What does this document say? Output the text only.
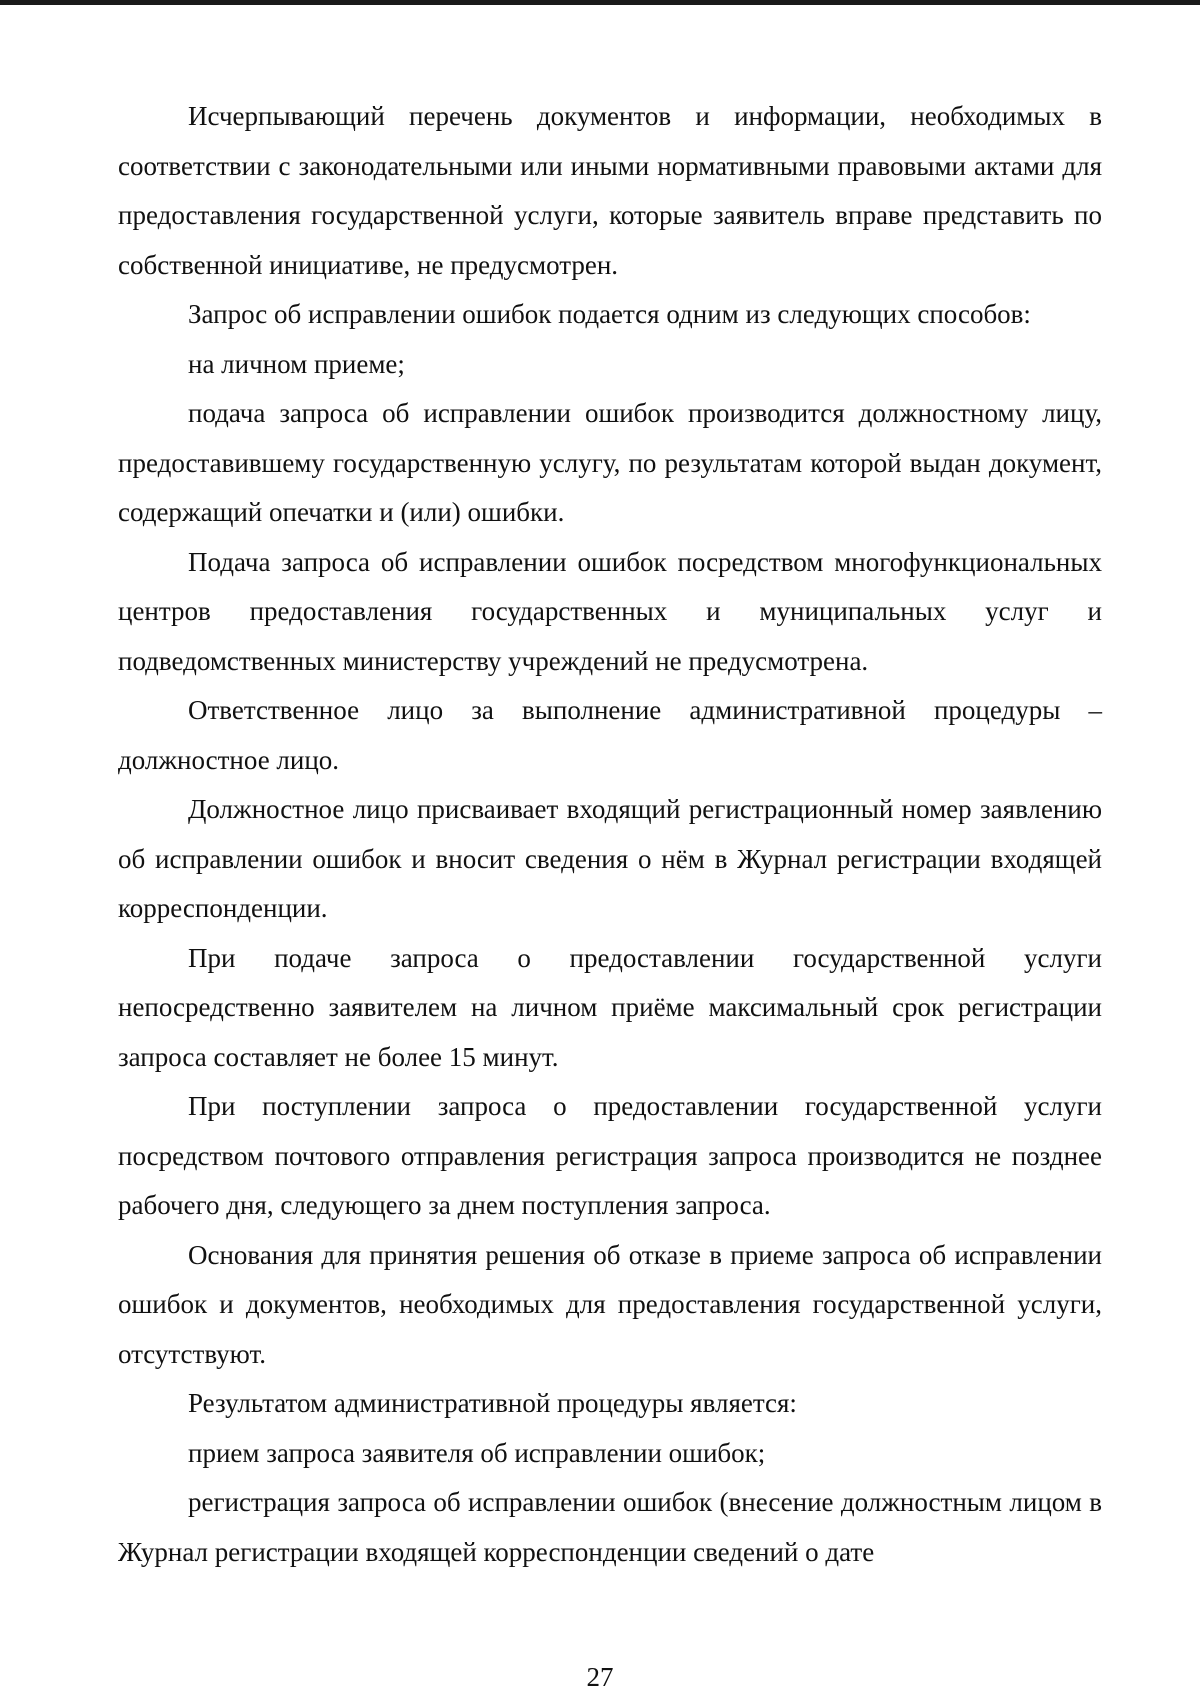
Исчерпывающий перечень документов и информации, необходимых в соответствии с законодательными или иными нормативными правовыми актами для предоставления государственной услуги, которые заявитель вправе представить по собственной инициативе, не предусмотрен.

Запрос об исправлении ошибок подается одним из следующих способов:

на личном приеме;

подача запроса об исправлении ошибок производится должностному лицу, предоставившему государственную услугу, по результатам которой выдан документ, содержащий опечатки и (или) ошибки.

Подача запроса об исправлении ошибок посредством многофункциональных центров предоставления государственных и муниципальных услуг и подведомственных министерству учреждений не предусмотрена.

Ответственное лицо за выполнение административной процедуры – должностное лицо.

Должностное лицо присваивает входящий регистрационный номер заявлению об исправлении ошибок и вносит сведения о нём в Журнал регистрации входящей корреспонденции.

При подаче запроса о предоставлении государственной услуги непосредственно заявителем на личном приёме максимальный срок регистрации запроса составляет не более 15 минут.

При поступлении запроса о предоставлении государственной услуги посредством почтового отправления регистрация запроса производится не позднее рабочего дня, следующего за днем поступления запроса.

Основания для принятия решения об отказе в приеме запроса об исправлении ошибок и документов, необходимых для предоставления государственной услуги, отсутствуют.

Результатом административной процедуры является:

прием запроса заявителя об исправлении ошибок;

регистрация запроса об исправлении ошибок (внесение должностным лицом в Журнал регистрации входящей корреспонденции сведений о дате

27
